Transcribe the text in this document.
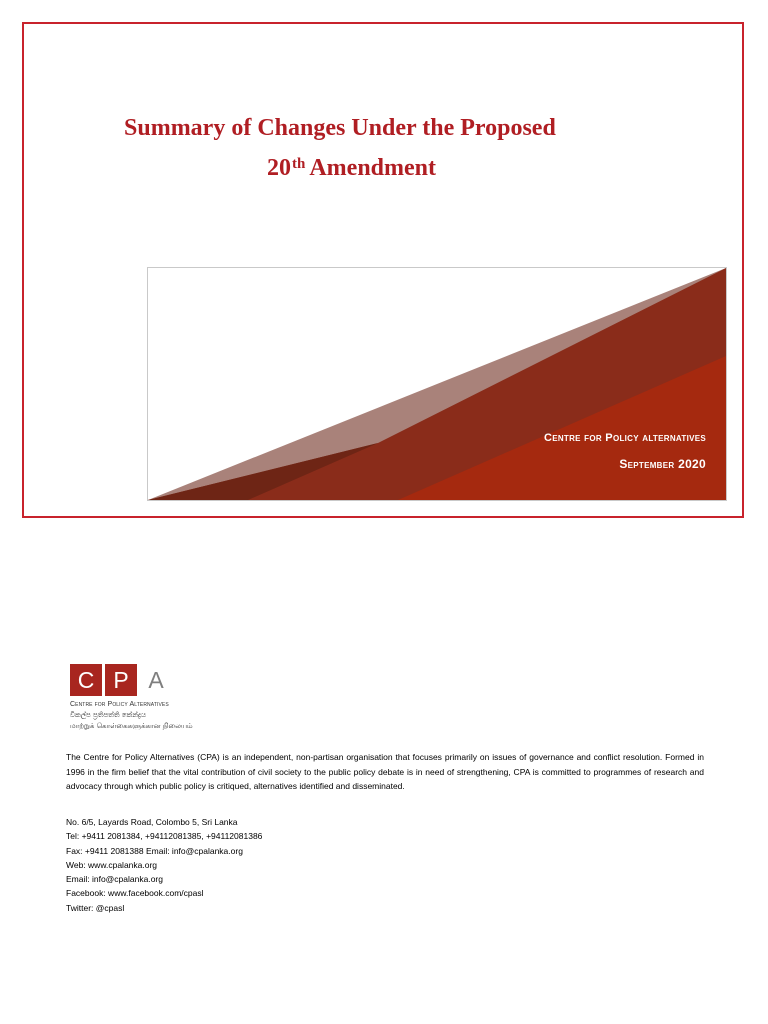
Summary of Changes Under the Proposed
20th Amendment
Centre for Policy alternatives
September 2020
C P A
Centre for Policy Alternatives
විකල්ප ප්‍රතිපත්ති කේන්ද්‍රය
மாற்றுக் கொள்கைகளுக்கான நிலையம்
The Centre for Policy Alternatives (CPA) is an independent, non-partisan organisation that focuses primarily on issues of governance and conflict resolution. Formed in 1996 in the firm belief that the vital contribution of civil society to the public policy debate is in need of strengthening, CPA is committed to programmes of research and advocacy through which public policy is critiqued, alternatives identified and disseminated.
No. 6/5, Layards Road, Colombo 5, Sri Lanka
Tel: +9411 2081384, +94112081385, +94112081386
Fax: +9411 2081388 Email: info@cpalanka.org
Web: www.cpalanka.org
Email: info@cpalanka.org
Facebook: www.facebook.com/cpasl
Twitter: @cpasl
